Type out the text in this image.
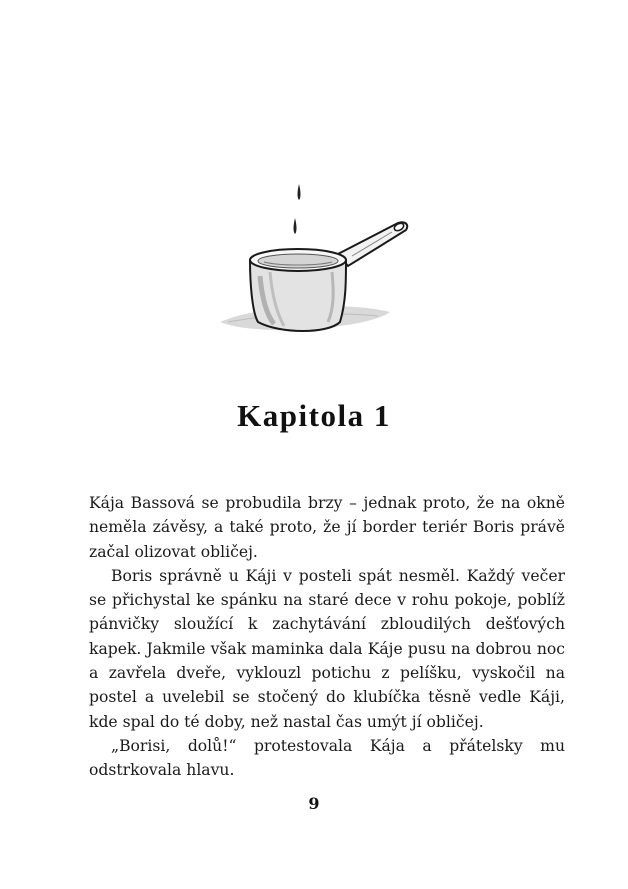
Kapitola 1

Kája Bassová se probudila brzy – jednak proto, že na okně neměla závěsy, a také proto, že jí border teriér Boris právě začal olizovat obličej.

Boris správně u Káji v posteli spát nesměl. Každý večer se přichystal ke spánku na staré dece v rohu pokoje, poblíž pánvičky sloužící k zachytávání zbloudilých dešťových kapek. Jakmile však maminka dala Káje pusu na dobrou noc a zavřela dveře, vyklouzl potichu z pelíšku, vyskočil na postel a uvelebil se stočený do klubíčka těsně vedle Káji, kde spal do té doby, než nastal čas umýt jí obličej.

„Borisi, dolů!“ protestovala Kája a přátelsky mu odstrkovala hlavu.

9
